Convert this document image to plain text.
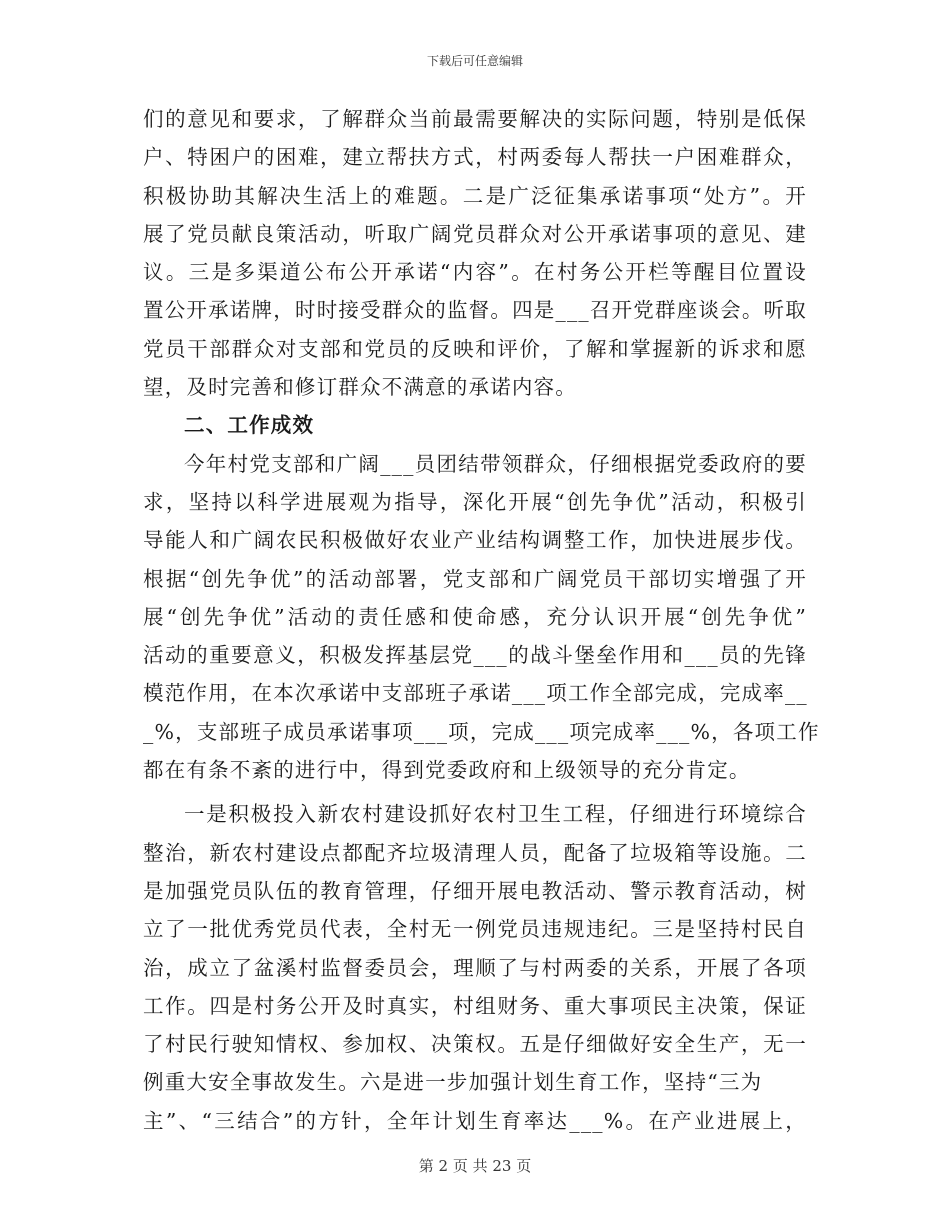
下载后可任意编辑
们的意见和要求，了解群众当前最需要解决的实际问题，特别是低保
户、特困户的困难，建立帮扶方式，村两委每人帮扶一户困难群众，
积极协助其解决生活上的难题。二是广泛征集承诺事项“处方”。开
展了党员献良策活动，听取广阔党员群众对公开承诺事项的意见、建
议。三是多渠道公布公开承诺“内容”。在村务公开栏等醒目位置设
置公开承诺牌，时时接受群众的监督。四是___召开党群座谈会。听取
党员干部群众对支部和党员的反映和评价，了解和掌握新的诉求和愿
望，及时完善和修订群众不满意的承诺内容。
二、工作成效
今年村党支部和广阔___员团结带领群众，仔细根据党委政府的要
求，坚持以科学进展观为指导，深化开展“创先争优”活动，积极引
导能人和广阔农民积极做好农业产业结构调整工作，加快进展步伐。
根据“创先争优”的活动部署，党支部和广阔党员干部切实增强了开
展“创先争优”活动的责任感和使命感，充分认识开展“创先争优”
活动的重要意义，积极发挥基层党___的战斗堡垒作用和___员的先锋
模范作用，在本次承诺中支部班子承诺___项工作全部完成，完成率__
_%，支部班子成员承诺事项___项，完成___项完成率___%，各项工作
都在有条不紊的进行中，得到党委政府和上级领导的充分肯定。
一是积极投入新农村建设抓好农村卫生工程，仔细进行环境综合
整治，新农村建设点都配齐垃圾清理人员，配备了垃圾箱等设施。二
是加强党员队伍的教育管理，仔细开展电教活动、警示教育活动，树
立了一批优秀党员代表，全村无一例党员违规违纪。三是坚持村民自
治，成立了盆溪村监督委员会，理顺了与村两委的关系，开展了各项
工作。四是村务公开及时真实，村组财务、重大事项民主决策，保证
了村民行驶知情权、参加权、决策权。五是仔细做好安全生产，无一
例重大安全事故发生。六是进一步加强计划生育工作，坚持“三为
主”、“三结合”的方针，全年计划生育率达___%。在产业进展上，
第 2 页 共 23 页
